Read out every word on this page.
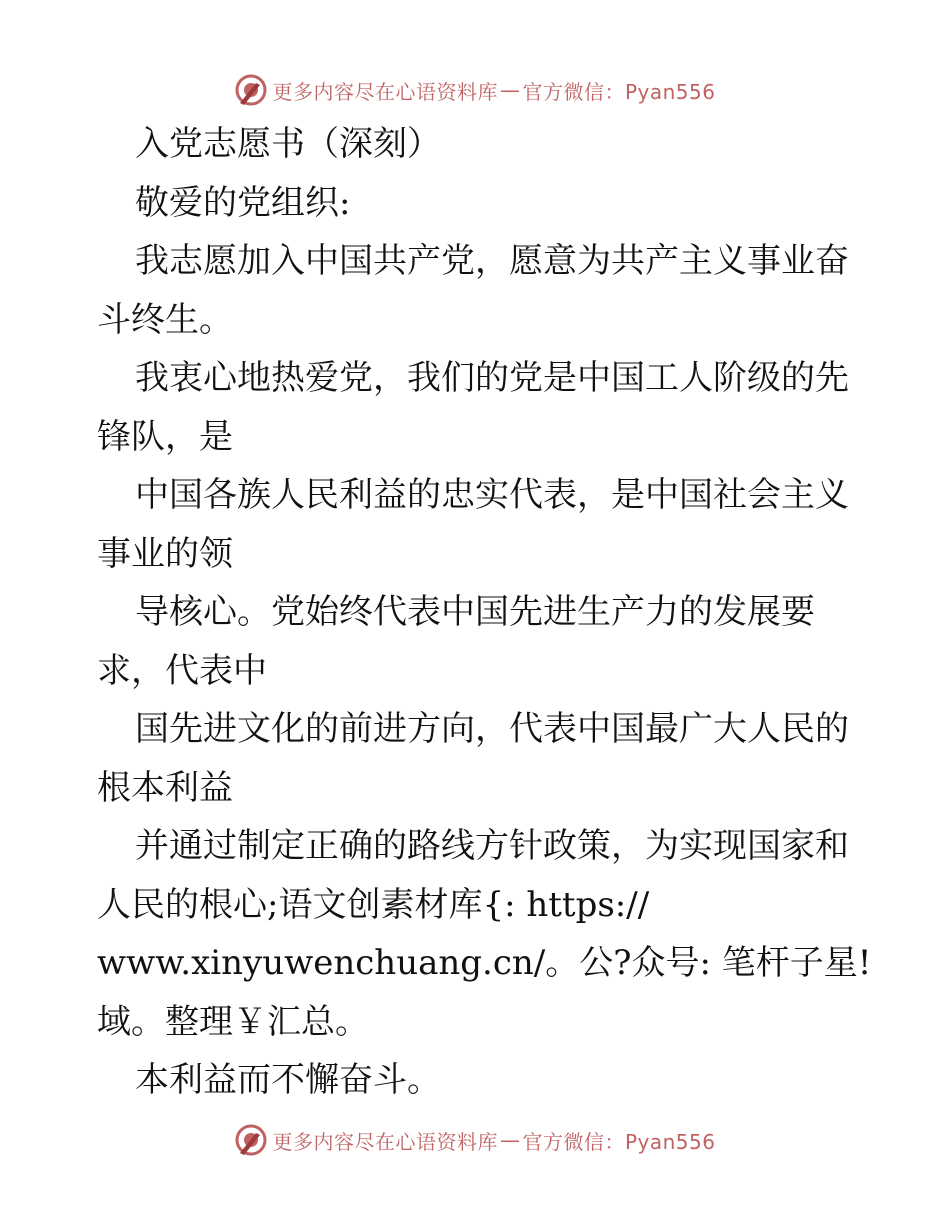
更多内容尽在心语资料库 — 官方微信：Pyan556
入党志愿书（深刻）
敬爱的党组织:
我志愿加入中国共产党，愿意为共产主义事业奋
斗终生。
我衷心地热爱党，我们的党是中国工人阶级的先
锋队，是
中国各族人民利益的忠实代表，是中国社会主义
事业的领
导核心。党始终代表中国先进生产力的发展要
求，代表中
国先进文化的前进方向，代表中国最广大人民的
根本利益
并通过制定正确的路线方针政策，为实现国家和
人民的根心;语文创素材库{: https://
www.xinyuwenchuang.cn/。公?众号: 笔杆子星!
域。整理￥汇总。
本利益而不懈奋斗。
更多内容尽在心语资料库 — 官方微信：Pyan556
